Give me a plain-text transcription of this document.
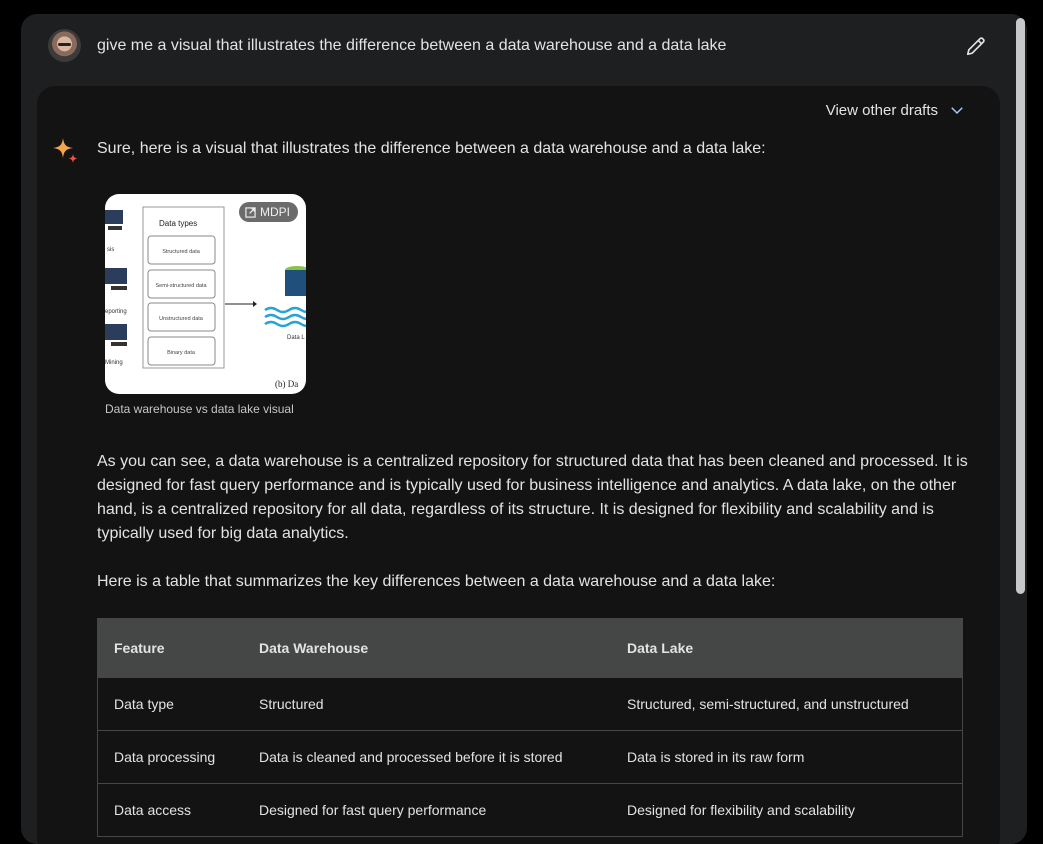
give me a visual that illustrates the difference between a data warehouse and a data lake
View other drafts
Sure, here is a visual that illustrates the difference between a data warehouse and a data lake:
Data types
Structured data
Semi-structured data
Unstructured data
Binary data
sis
eporting
Mining
Data L
(b) Da
MDPI
Data warehouse vs data lake visual
As you can see, a data warehouse is a centralized repository for structured data that has been cleaned and processed. It is designed for fast query performance and is typically used for business intelligence and analytics. A data lake, on the other hand, is a centralized repository for all data, regardless of its structure. It is designed for flexibility and scalability and is typically used for big data analytics.
Here is a table that summarizes the key differences between a data warehouse and a data lake:
Feature	Data Warehouse	Data Lake
Data type	Structured	Structured, semi-structured, and unstructured
Data processing	Data is cleaned and processed before it is stored	Data is stored in its raw form
Data access	Designed for fast query performance	Designed for flexibility and scalability
